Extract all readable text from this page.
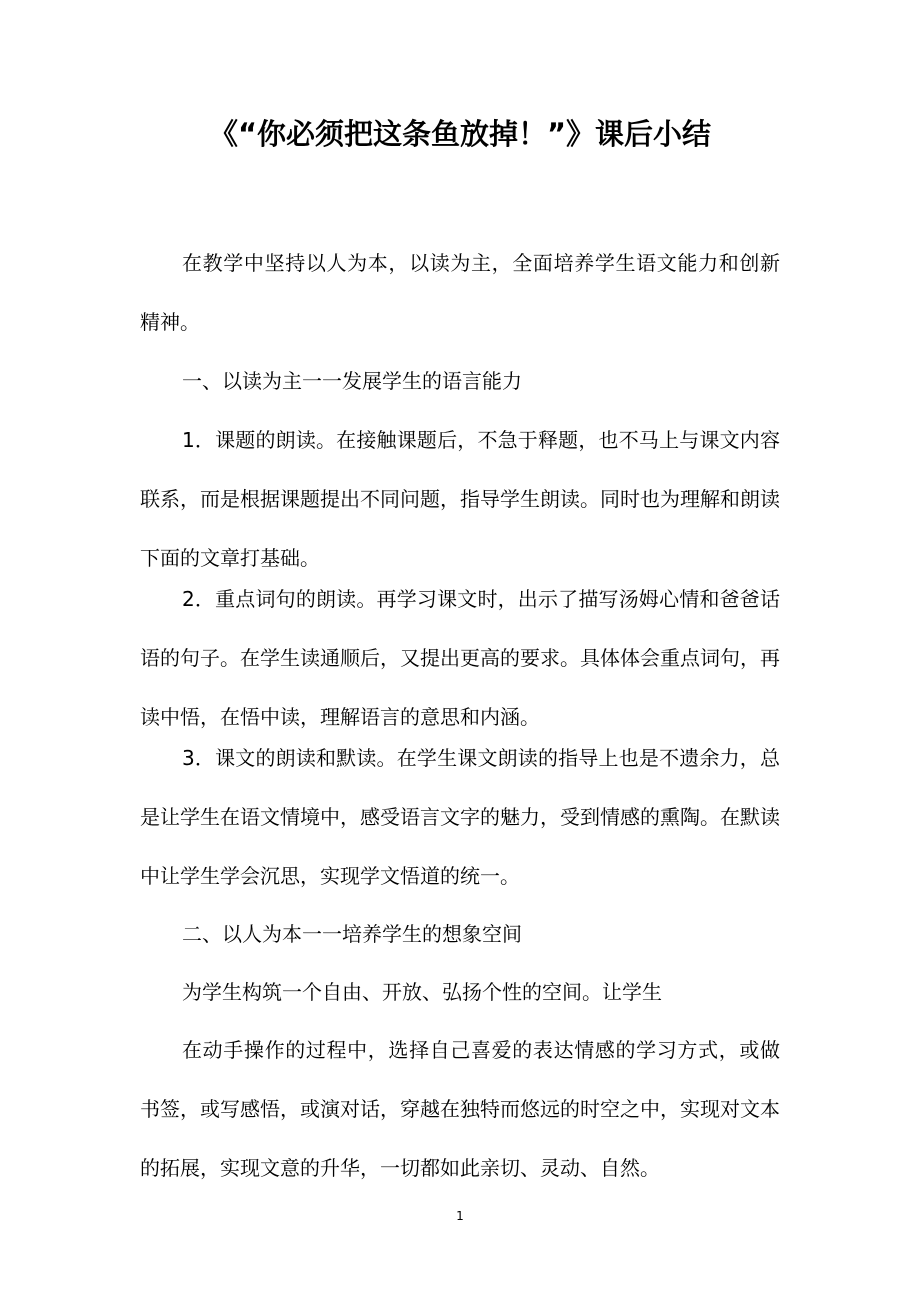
《“你必须把这条鱼放掉！”》课后小结

在教学中坚持以人为本，以读为主，全面培养学生语文能力和创新精神。

一、以读为主一一发展学生的语言能力

1．课题的朗读。在接触课题后，不急于释题，也不马上与课文内容联系，而是根据课题提出不同问题，指导学生朗读。同时也为理解和朗读下面的文章打基础。

2．重点词句的朗读。再学习课文时，出示了描写汤姆心情和爸爸话语的句子。在学生读通顺后，又提出更高的要求。具体体会重点词句，再读中悟，在悟中读，理解语言的意思和内涵。

3．课文的朗读和默读。在学生课文朗读的指导上也是不遗余力，总是让学生在语文情境中，感受语言文字的魅力，受到情感的熏陶。在默读中让学生学会沉思，实现学文悟道的统一。

二、以人为本一一培养学生的想象空间

为学生构筑一个自由、开放、弘扬个性的空间。让学生

在动手操作的过程中，选择自己喜爱的表达情感的学习方式，或做书签，或写感悟，或演对话，穿越在独特而悠远的时空之中，实现对文本的拓展，实现文意的升华，一切都如此亲切、灵动、自然。

1
